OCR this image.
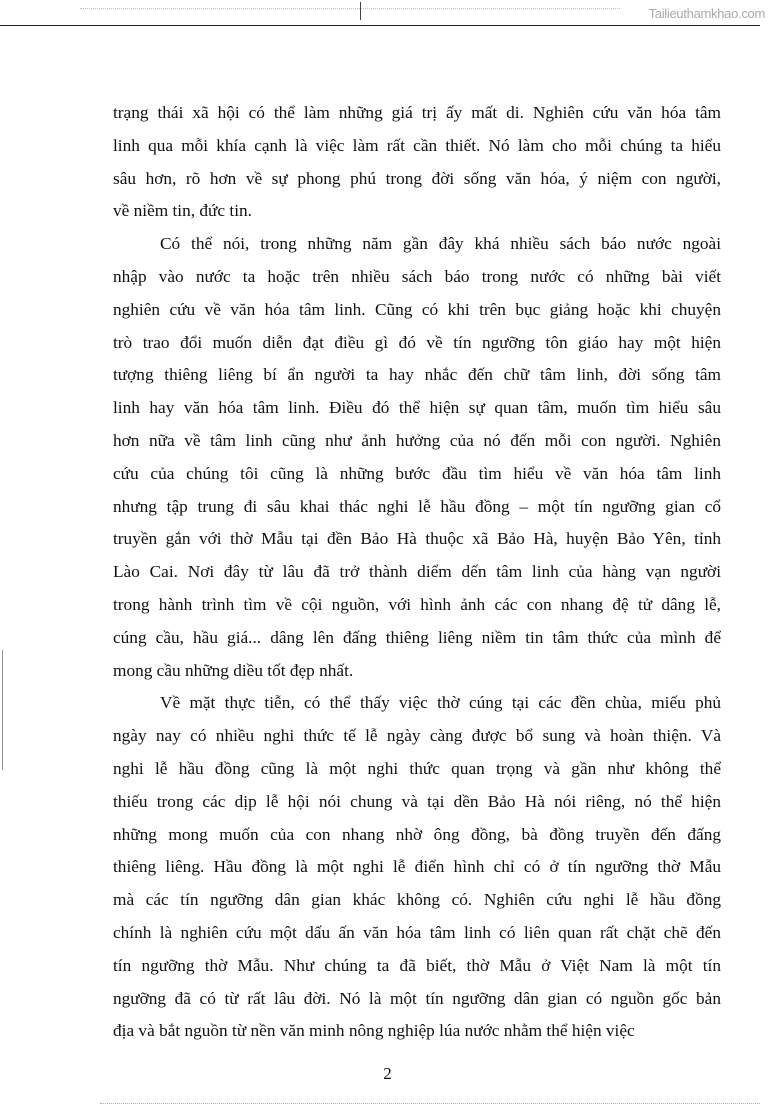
Tailieuthamkhao.com
trạng thái xã hội có thể làm những giá trị ấy mất di. Nghiên cứu văn hóa tâm
linh qua mỗi khía cạnh là việc làm rất cần thiết. Nó làm cho mỗi chúng ta hiểu
sâu hơn, rõ hơn về sự phong phú trong đời sống văn hóa, ý niệm con người,
về niềm tin, đức tin.
Có thể nói, trong những năm gần đây khá nhiều sách báo nước ngoài
nhập vào nước ta hoặc trên nhiều sách báo trong nước có những bài viết
nghiên cứu về văn hóa tâm linh. Cũng có khi trên bục giảng hoặc khi chuyện
trò trao đổi muốn diễn đạt điều gì đó về tín ngưỡng tôn giáo hay một hiện
tượng thiêng liêng bí ẩn người ta hay nhắc đến chữ tâm linh, đời sống tâm
linh hay văn hóa tâm linh. Điều đó thể hiện sự quan tâm, muốn tìm hiểu sâu
hơn nữa về tâm linh cũng như ảnh hưởng của nó đến mỗi con người. Nghiên
cứu của chúng tôi cũng là những bước đầu tìm hiểu về văn hóa tâm linh
nhưng tập trung đi sâu khai thác nghi lễ hầu đồng – một tín ngưỡng gian cổ
truyền gắn với thờ Mẫu tại đền Bảo Hà thuộc xã Bảo Hà, huyện Bảo Yên, tỉnh
Lào Cai. Nơi đây từ lâu đã trở thành diểm dến tâm linh của hàng vạn người
trong hành trình tìm về cội nguồn, với hình ảnh các con nhang đệ tử dâng lễ,
cúng cầu, hầu giá... dâng lên đấng thiêng liêng niềm tin tâm thức của mình để
mong cầu những diều tốt đẹp nhất.
Về mặt thực tiễn, có thể thấy việc thờ cúng tại các đền chùa, miếu phủ
ngày nay có nhiều nghi thức tế lễ ngày càng được bổ sung và hoàn thiện. Và
nghi lễ hầu đồng cũng là một nghi thức quan trọng và gần như không thể
thiếu trong các dịp lễ hội nói chung và tại dền Bảo Hà nói riêng, nó thể hiện
những mong muốn của con nhang nhờ ông đồng, bà đồng truyền đến đấng
thiêng liêng. Hầu đồng là một nghi lễ điển hình chỉ có ở tín ngưỡng thờ Mẫu
mà các tín ngưỡng dân gian khác không có. Nghiên cứu nghi lễ hầu đồng
chính là nghiên cứu một dấu ấn văn hóa tâm linh có liên quan rất chặt chẽ đến
tín ngưỡng thờ Mẫu. Như chúng ta đã biết, thờ Mẫu ở Việt Nam là một tín
ngưỡng đã có từ rất lâu đời. Nó là một tín ngưỡng dân gian có nguồn gốc bản
địa và bắt nguồn từ nền văn minh nông nghiệp lúa nước nhằm thể hiện việc
2
